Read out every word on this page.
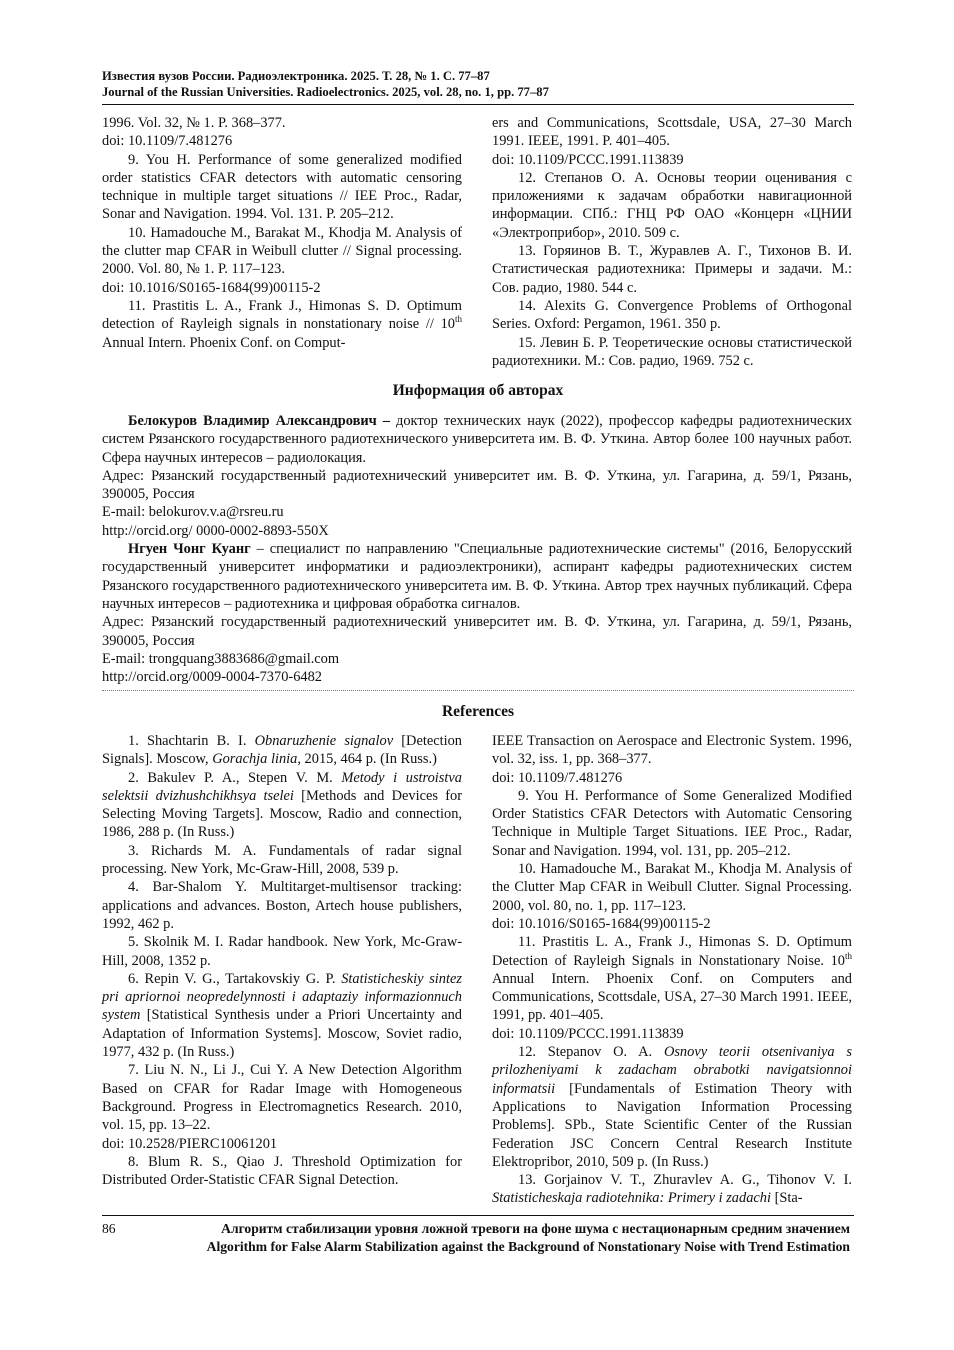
Известия вузов России. Радиоэлектроника. 2025. Т. 28, № 1. С. 77–87
Journal of the Russian Universities. Radioelectronics. 2025, vol. 28, no. 1, pp. 77–87

1996. Vol. 32, № 1. P. 368–377.

doi: 10.1109/7.481276

9. You H. Performance of some generalized modified order statistics CFAR detectors with automatic censoring technique in multiple target situations // IEE Proc., Radar, Sonar and Navigation. 1994. Vol. 131. P. 205–212.

10. Hamadouche M., Barakat M., Khodja M. Analysis of the clutter map CFAR in Weibull clutter // Signal processing. 2000. Vol. 80, № 1. P. 117–123.

doi: 10.1016/S0165-1684(99)00115-2

11. Prastitis L. A., Frank J., Himonas S. D. Optimum detection of Rayleigh signals in nonstationary noise // 10th Annual Intern. Phoenix Conf. on Comput-

ers and Communications, Scottsdale, USA, 27–30 March 1991. IEEE, 1991. P. 401–405.

doi: 10.1109/PCCC.1991.113839

12. Степанов О. А. Основы теории оценивания с приложениями к задачам обработки навигационной информации. СПб.: ГНЦ РФ ОАО «Концерн «ЦНИИ «Электроприбор», 2010. 509 с.

13. Горяинов В. Т., Журавлев А. Г., Тихонов В. И. Статистическая радиотехника: Примеры и задачи. М.: Сов. радио, 1980. 544 с.

14. Alexits G. Convergence Problems of Orthogonal Series. Oxford: Pergamon, 1961. 350 p.

15. Левин Б. Р. Теоретические основы статистической радиотехники. М.: Сов. радио, 1969. 752 с.

Информация об авторах

Белокуров Владимир Александрович – доктор технических наук (2022), профессор кафедры радиотехнических систем Рязанского государственного радиотехнического университета им. В. Ф. Уткина. Автор более 100 научных работ. Сфера научных интересов – радиолокация.

Адрес: Рязанский государственный радиотехнический университет им. В. Ф. Уткина, ул. Гагарина, д. 59/1, Рязань, 390005, Россия

E-mail: belokurov.v.a@rsreu.ru

http://orcid.org/ 0000-0002-8893-550X

Нгуен Чонг Куанг – специалист по направлению "Специальные радиотехнические системы" (2016, Белорусский государственный университет информатики и радиоэлектроники), аспирант кафедры радиотехнических систем Рязанского государственного радиотехнического университета им. В. Ф. Уткина. Автор трех научных публикаций. Сфера научных интересов – радиотехника и цифровая обработка сигналов.

Адрес: Рязанский государственный радиотехнический университет им. В. Ф. Уткина, ул. Гагарина, д. 59/1, Рязань, 390005, Россия

E-mail: trongquang3883686@gmail.com

http://orcid.org/0009-0004-7370-6482

References

1. Shachtarin B. I. Obnaruzhenie signalov [Detection Signals]. Moscow, Gorachja linia, 2015, 464 p. (In Russ.)

2. Bakulev P. A., Stepen V. M. Metody i ustroistva selektsii dvizhushchikhsya tselei [Methods and Devices for Selecting Moving Targets]. Moscow, Radio and connection, 1986, 288 p. (In Russ.)

3. Richards M. A. Fundamentals of radar signal processing. New York, Mc-Graw-Hill, 2008, 539 p.

4. Bar-Shalom Y. Multitarget-multisensor tracking: applications and advances. Boston, Artech house publishers, 1992, 462 p.

5. Skolnik M. I. Radar handbook. New York, Mc-Graw-Hill, 2008, 1352 p.

6. Repin V. G., Tartakovskiy G. P. Statisticheskiy sintez pri apriornoi neopredelynnosti i adaptaziy informazionnuch system [Statistical Synthesis under a Priori Uncertainty and Adaptation of Information Systems]. Moscow, Soviet radio, 1977, 432 p. (In Russ.)

7. Liu N. N., Li J., Cui Y. A New Detection Algorithm Based on CFAR for Radar Image with Homogeneous Background. Progress in Electromagnetics Research. 2010, vol. 15, pp. 13–22.

doi: 10.2528/PIERC10061201

8. Blum R. S., Qiao J. Threshold Optimization for Distributed Order-Statistic CFAR Signal Detection.

IEEE Transaction on Aerospace and Electronic System. 1996, vol. 32, iss. 1, pp. 368–377.

doi: 10.1109/7.481276

9. You H. Performance of Some Generalized Modified Order Statistics CFAR Detectors with Automatic Censoring Technique in Multiple Target Situations. IEE Proc., Radar, Sonar and Navigation. 1994, vol. 131, pp. 205–212.

10. Hamadouche M., Barakat M., Khodja M. Analysis of the Clutter Map CFAR in Weibull Clutter. Signal Processing. 2000, vol. 80, no. 1, pp. 117–123.

doi: 10.1016/S0165-1684(99)00115-2

11. Prastitis L. A., Frank J., Himonas S. D. Optimum Detection of Rayleigh Signals in Nonstationary Noise. 10th Annual Intern. Phoenix Conf. on Computers and Communications, Scottsdale, USA, 27–30 March 1991. IEEE, 1991, pp. 401–405.

doi: 10.1109/PCCC.1991.113839

12. Stepanov O. A. Osnovy teorii otsenivaniya s prilozheniyami k zadacham obrabotki navigatsionnoi informatsii [Fundamentals of Estimation Theory with Applications to Navigation Information Processing Problems]. SPb., State Scientific Center of the Russian Federation JSC Concern Central Research Institute Elektropribor, 2010, 509 p. (In Russ.)

13. Gorjainov V. T., Zhuravlev A. G., Tihonov V. I. Statisticheskaja radiotehnika: Primery i zadachi [Sta-

86	Алгоритм стабилизации уровня ложной тревоги на фоне шума с нестационарным средним значением
Algorithm for False Alarm Stabilization against the Background of Nonstationary Noise with Trend Estimation
